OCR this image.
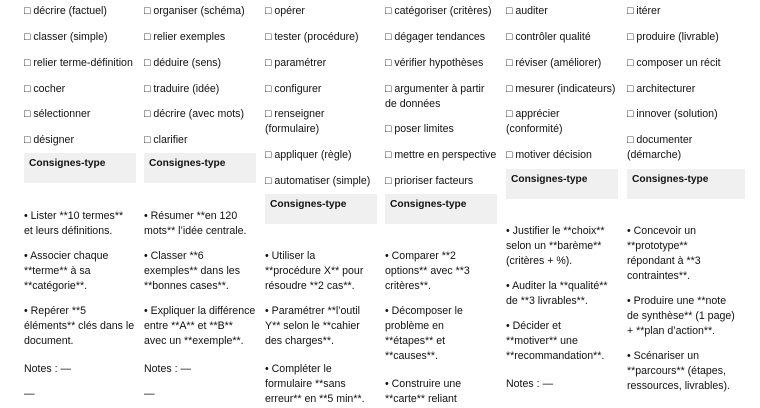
□ décrire (factuel)
□ classer (simple)
□ relier terme-définition
□ cocher
□ sélectionner
□ désigner
Consignes-type
• Lister **10 termes**
et leurs définitions.
• Associer chaque
**terme** à sa
**catégorie**.
• Repérer **5
éléments** clés dans le
document.
Notes : —
—
□ organiser (schéma)
□ relier exemples
□ déduire (sens)
□ traduire (idée)
□ décrire (avec mots)
□ clarifier
Consignes-type
• Résumer **en 120
mots** l’idée centrale.
• Classer **6
exemples** dans les
**bonnes cases**.
• Expliquer la différence
entre **A** et **B**
avec un **exemple**.
Notes : —
—
□ opérer
□ tester (procédure)
□ paramétrer
□ configurer
□ renseigner
(formulaire)
□ appliquer (règle)
□ automatiser (simple)
Consignes-type
• Utiliser la
**procédure X** pour
résoudre **2 cas**.
• Paramétrer **l’outil
Y** selon le **cahier
des charges**.
• Compléter le
formulaire **sans
erreur** en **5 min**.
□ catégoriser (critères)
□ dégager tendances
□ vérifier hypothèses
□ argumenter à partir
de données
□ poser limites
□ mettre en perspective
□ prioriser facteurs
Consignes-type
• Comparer **2
options** avec **3
critères**.
• Décomposer le
problème en
**étapes** et
**causes**.
• Construire une
**carte** reliant
□ auditer
□ contrôler qualité
□ réviser (améliorer)
□ mesurer (indicateurs)
□ apprécier
(conformité)
□ motiver décision
Consignes-type
• Justifier le **choix**
selon un **barème**
(critères + %).
• Auditer la **qualité**
de **3 livrables**.
• Décider et
**motiver** une
**recommandation**.
Notes : —
□ itérer
□ produire (livrable)
□ composer un récit
□ architecturer
□ innover (solution)
□ documenter
(démarche)
Consignes-type
• Concevoir un
**prototype**
répondant à **3
contraintes**.
• Produire une **note
de synthèse** (1 page)
+ **plan d’action**.
• Scénariser un
**parcours** (étapes,
ressources, livrables).
